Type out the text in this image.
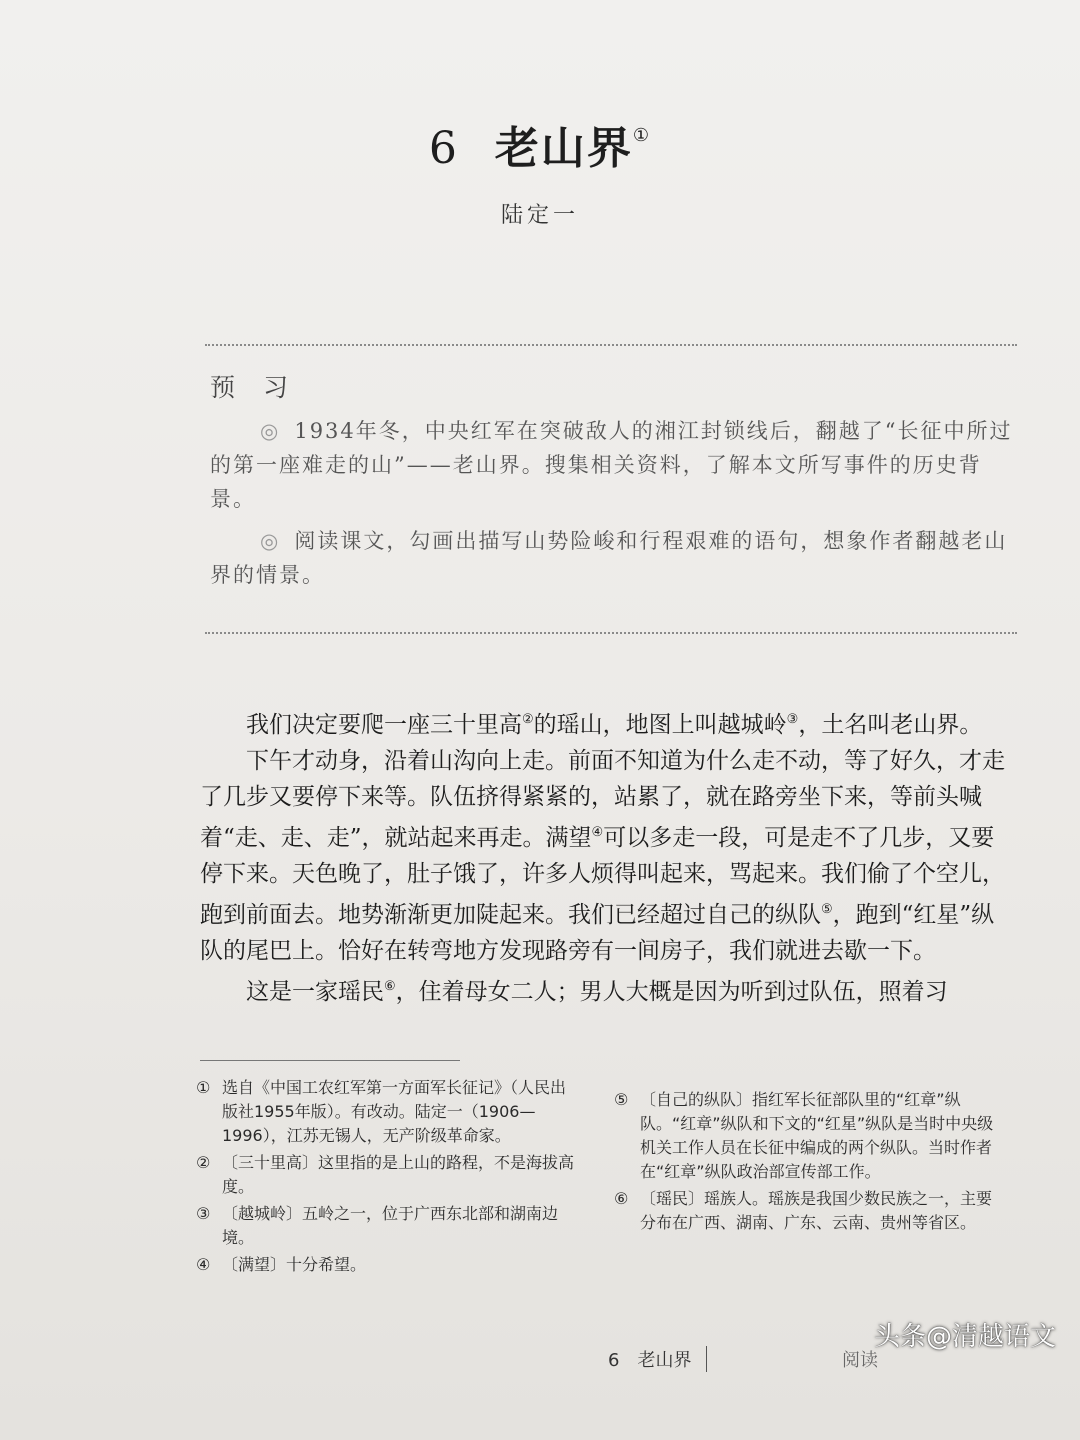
6 老山界①
陆定一
预 习
◎ 1934年冬，中央红军在突破敌人的湘江封锁线后，翻越了“长征中所过的第一座难走的山”——老山界。搜集相关资料，了解本文所写事件的历史背景。
◎ 阅读课文，勾画出描写山势险峻和行程艰难的语句，想象作者翻越老山界的情景。

我们决定要爬一座三十里高②的瑶山，地图上叫越城岭③，土名叫老山界。

下午才动身，沿着山沟向上走。前面不知道为什么走不动，等了好久，才走了几步又要停下来等。队伍挤得紧紧的，站累了，就在路旁坐下来，等前头喊着“走、走、走”，就站起来再走。满望④可以多走一段，可是走不了几步，又要停下来。天色晚了，肚子饿了，许多人烦得叫起来，骂起来。我们偷了个空儿，跑到前面去。地势渐渐更加陡起来。我们已经超过自己的纵队⑤，跑到“红星”纵队的尾巴上。恰好在转弯地方发现路旁有一间房子，我们就进去歇一下。

这是一家瑶民⑥，住着母女二人；男人大概是因为听到过队伍，照着习

① 选自《中国工农红军第一方面军长征记》（人民出版社1955年版）。有改动。陆定一（1906—1996），江苏无锡人，无产阶级革命家。
② 〔三十里高〕这里指的是上山的路程，不是海拔高度。
③ 〔越城岭〕五岭之一，位于广西东北部和湖南边境。
④ 〔满望〕十分希望。
⑤ 〔自己的纵队〕指红军长征部队里的“红章”纵队。“红章”纵队和下文的“红星”纵队是当时中央级机关工作人员在长征中编成的两个纵队。当时作者在“红章”纵队政治部宣传部工作。
⑥ 〔瑶民〕瑶族人。瑶族是我国少数民族之一，主要分布在广西、湖南、广东、云南、贵州等省区。
6　老山界	阅读
头条@清越语文
